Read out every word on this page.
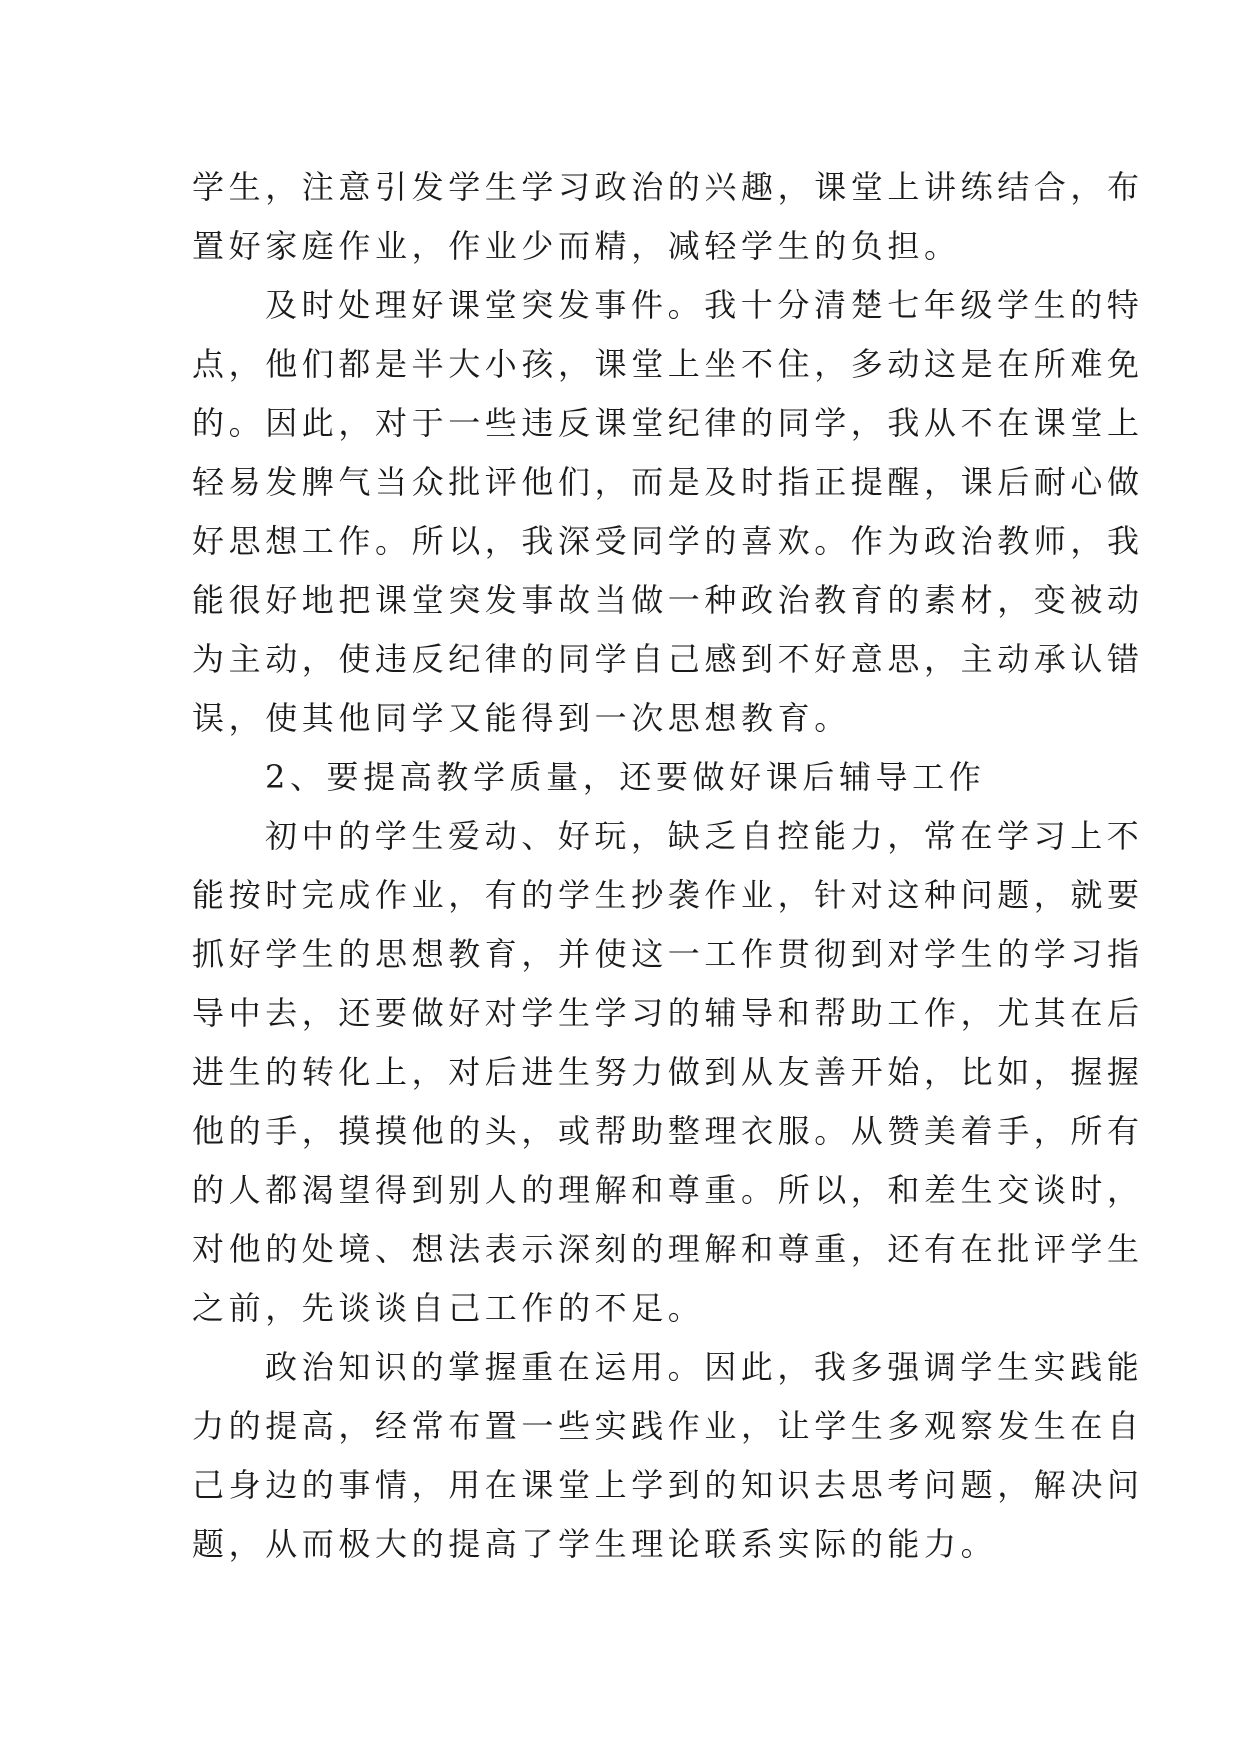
学生，注意引发学生学习政治的兴趣，课堂上讲练结合，布
置好家庭作业，作业少而精，减轻学生的负担。
及时处理好课堂突发事件。我十分清楚七年级学生的特
点，他们都是半大小孩，课堂上坐不住，多动这是在所难免
的。因此，对于一些违反课堂纪律的同学，我从不在课堂上
轻易发脾气当众批评他们，而是及时指正提醒，课后耐心做
好思想工作。所以，我深受同学的喜欢。作为政治教师，我
能很好地把课堂突发事故当做一种政治教育的素材，变被动
为主动，使违反纪律的同学自己感到不好意思，主动承认错
误，使其他同学又能得到一次思想教育。
2、要提高教学质量，还要做好课后辅导工作
初中的学生爱动、好玩，缺乏自控能力，常在学习上不
能按时完成作业，有的学生抄袭作业，针对这种问题，就要
抓好学生的思想教育，并使这一工作贯彻到对学生的学习指
导中去，还要做好对学生学习的辅导和帮助工作，尤其在后
进生的转化上，对后进生努力做到从友善开始，比如，握握
他的手，摸摸他的头，或帮助整理衣服。从赞美着手，所有
的人都渴望得到别人的理解和尊重。所以，和差生交谈时，
对他的处境、想法表示深刻的理解和尊重，还有在批评学生
之前，先谈谈自己工作的不足。
政治知识的掌握重在运用。因此，我多强调学生实践能
力的提高，经常布置一些实践作业，让学生多观察发生在自
己身边的事情，用在课堂上学到的知识去思考问题，解决问
题，从而极大的提高了学生理论联系实际的能力。
